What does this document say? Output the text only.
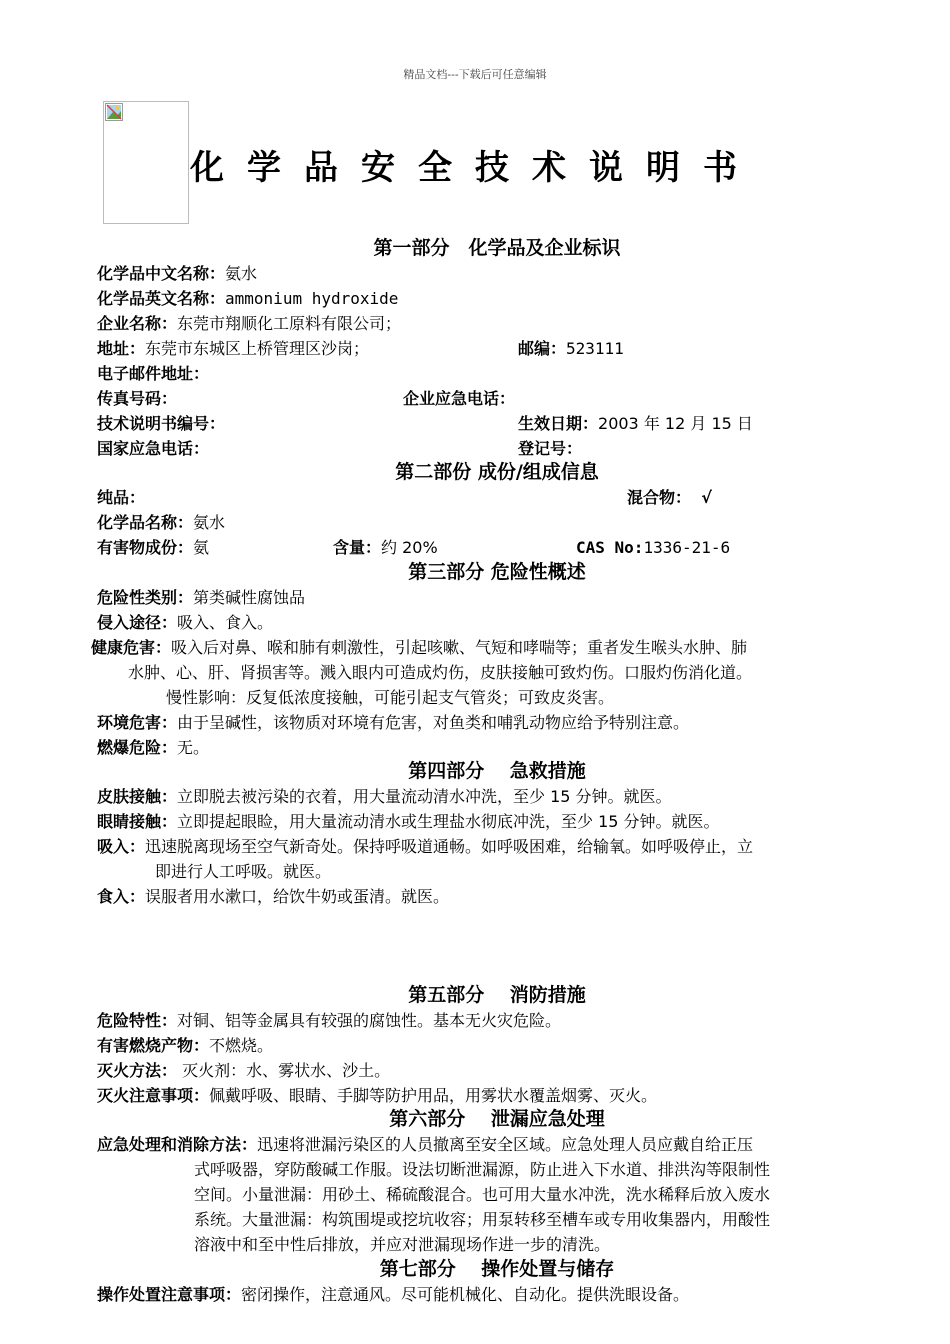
精品文档---下载后可任意编辑
化学品安全技术说明书
第一部分　化学品及企业标识
化学品中文名称：氨水
化学品英文名称：ammonium hydroxide
企业名称：东莞市翔顺化工原料有限公司；
地址：东莞市东城区上桥管理区沙岗；	邮编：523111
电子邮件地址：
传真号码：	企业应急电话：
技术说明书编号：	生效日期：2003 年 12 月 15 日
国家应急电话：	登记号：
第二部份 成份/组成信息
纯品：	混合物： √
化学品名称：氨水
有害物成份：氨	含量：约 20%	CAS No:1336-21-6
第三部分 危险性概述
危险性类别：第类碱性腐蚀品
侵入途径：吸入、食入。
健康危害：吸入后对鼻、喉和肺有刺激性，引起咳嗽、气短和哮喘等；重者发生喉头水肿、肺
水肿、心、肝、肾损害等。溅入眼内可造成灼伤，皮肤接触可致灼伤。口服灼伤消化道。
慢性影响：反复低浓度接触，可能引起支气管炎；可致皮炎害。
环境危害：由于呈碱性，该物质对环境有危害，对鱼类和哺乳动物应给予特别注意。
燃爆危险：无。
第四部分　 急救措施
皮肤接触：立即脱去被污染的衣着，用大量流动清水冲洗，至少 15 分钟。就医。
眼睛接触：立即提起眼睑，用大量流动清水或生理盐水彻底冲洗，至少 15 分钟。就医。
吸入：迅速脱离现场至空气新奇处。保持呼吸道通畅。如呼吸困难，给输氧。如呼吸停止，立
即进行人工呼吸。就医。
食入：误服者用水漱口，给饮牛奶或蛋清。就医。
第五部分　 消防措施
危险特性：对铜、铝等金属具有较强的腐蚀性。基本无火灾危险。
有害燃烧产物：不燃烧。
灭火方法： 灭火剂：水、雾状水、沙土。
灭火注意事项：佩戴呼吸、眼睛、手脚等防护用品，用雾状水覆盖烟雾、灭火。
第六部分　 泄漏应急处理
应急处理和消除方法：迅速将泄漏污染区的人员撤离至安全区域。应急处理人员应戴自给正压
式呼吸器，穿防酸碱工作服。设法切断泄漏源，防止进入下水道、排洪沟等限制性
空间。小量泄漏：用砂土、稀硫酸混合。也可用大量水冲洗，洗水稀释后放入废水
系统。大量泄漏：构筑围堤或挖坑收容；用泵转移至槽车或专用收集器内，用酸性
溶液中和至中性后排放，并应对泄漏现场作进一步的清洗。
第七部分　 操作处置与储存
操作处置注意事项：密闭操作，注意通风。尽可能机械化、自动化。提供洗眼设备。
